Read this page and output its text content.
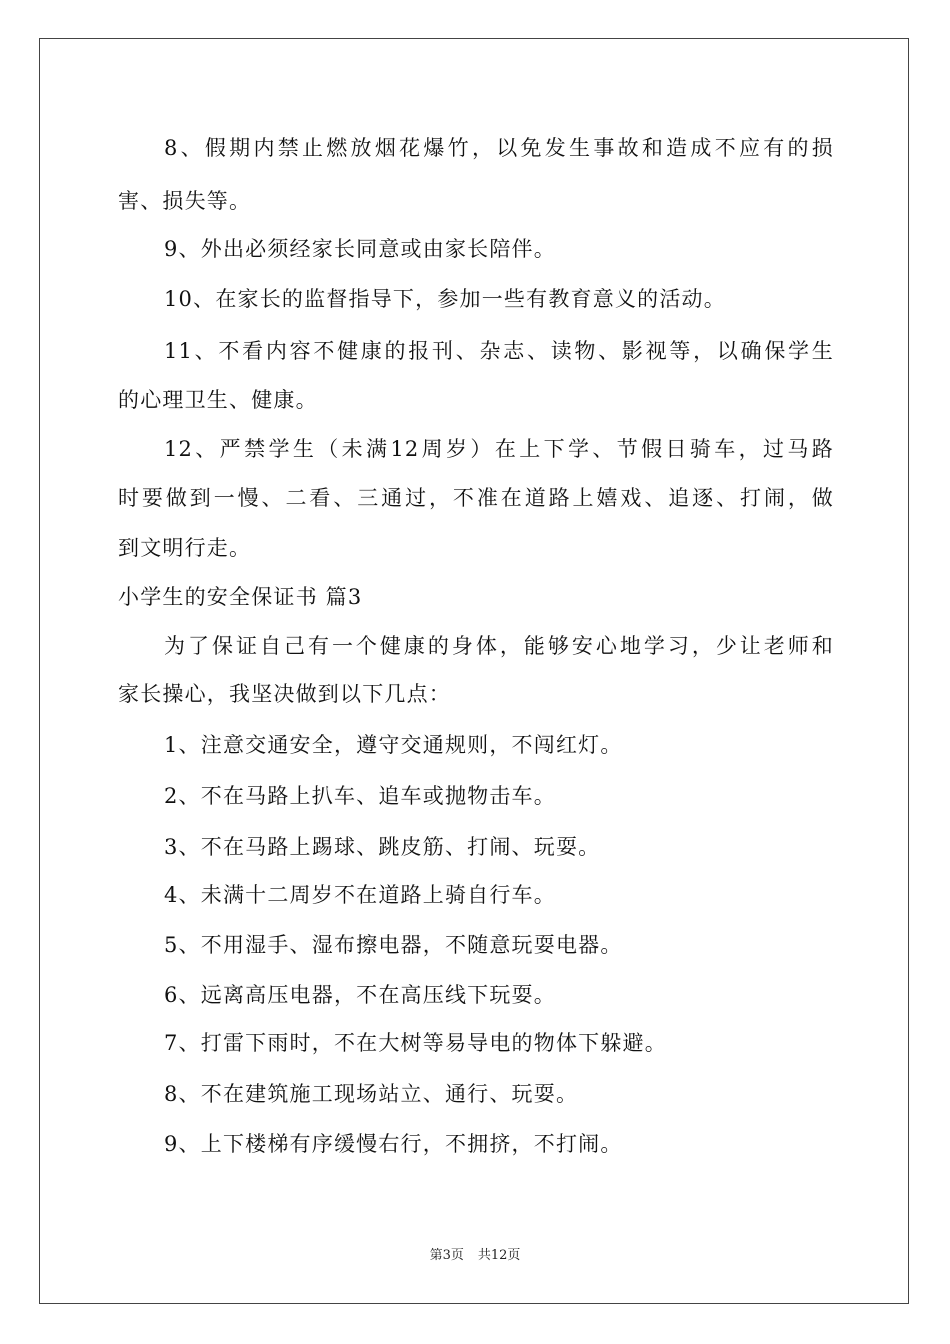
8、假期内禁止燃放烟花爆竹，以免发生事故和造成不应有的损
害、损失等。
9、外出必须经家长同意或由家长陪伴。
10、在家长的监督指导下，参加一些有教育意义的活动。
11、不看内容不健康的报刊、杂志、读物、影视等，以确保学生
的心理卫生、健康。
12、严禁学生（未满12周岁）在上下学、节假日骑车，过马路
时要做到一慢、二看、三通过，不准在道路上嬉戏、追逐、打闹，做
到文明行走。
小学生的安全保证书 篇3
为了保证自己有一个健康的身体，能够安心地学习，少让老师和
家长操心，我坚决做到以下几点：
1、注意交通安全，遵守交通规则，不闯红灯。
2、不在马路上扒车、追车或抛物击车。
3、不在马路上踢球、跳皮筋、打闹、玩耍。
4、未满十二周岁不在道路上骑自行车。
5、不用湿手、湿布擦电器，不随意玩耍电器。
6、远离高压电器，不在高压线下玩耍。
7、打雷下雨时，不在大树等易导电的物体下躲避。
8、不在建筑施工现场站立、通行、玩耍。
9、上下楼梯有序缓慢右行，不拥挤，不打闹。
第3页 共12页
